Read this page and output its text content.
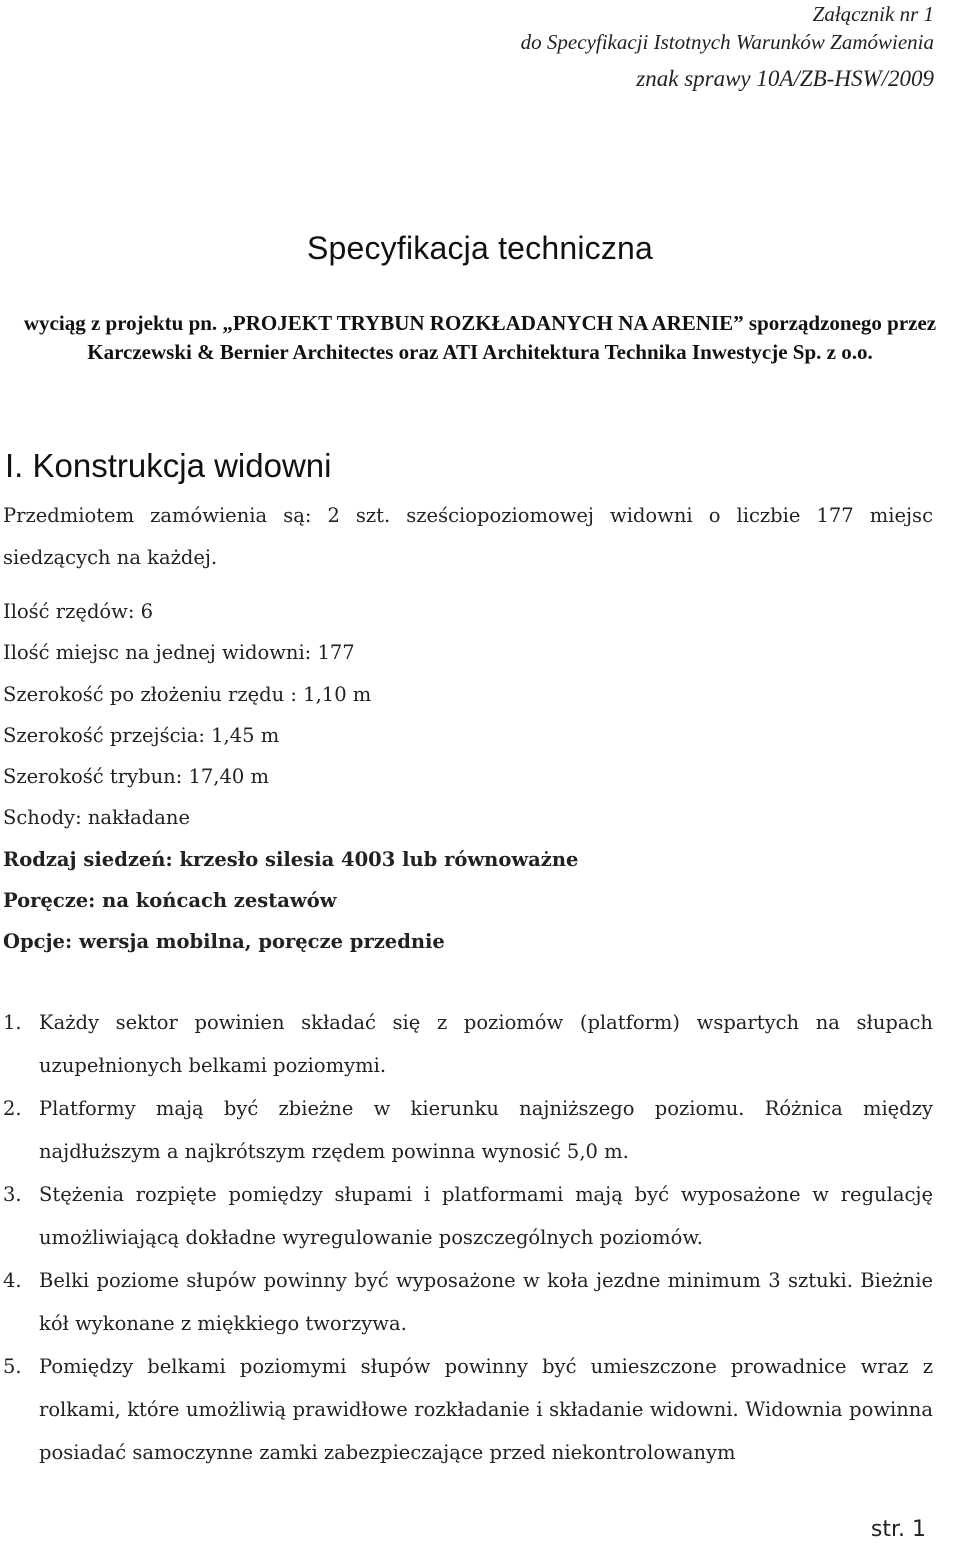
Załącznik nr 1
do Specyfikacji Istotnych Warunków Zamówienia
znak sprawy 10A/ZB-HSW/2009
Specyfikacja techniczna
wyciąg z projektu pn. „PROJEKT TRYBUN ROZKŁADANYCH NA ARENIE” sporządzonego przez
Karczewski & Bernier Architectes oraz ATI Architektura Technika Inwestycje Sp. z o.o.
I. Konstrukcja widowni
Przedmiotem zamówienia są: 2 szt. sześciopoziomowej widowni o liczbie 177 miejsc siedzących na każdej.
Ilość rzędów: 6
Ilość miejsc na jednej widowni: 177
Szerokość po złożeniu rzędu : 1,10 m
Szerokość przejścia: 1,45 m
Szerokość trybun: 17,40 m
Schody: nakładane
Rodzaj siedzeń: krzesło silesia 4003 lub równoważne
Poręcze: na końcach zestawów
Opcje: wersja mobilna, poręcze przednie
1. Każdy sektor powinien składać się z poziomów (platform) wspartych na słupach uzupełnionych belkami poziomymi.
2. Platformy mają być zbieżne w kierunku najniższego poziomu. Różnica między najdłuższym a najkrótszym rzędem powinna wynosić 5,0 m.
3. Stężenia rozpięte pomiędzy słupami i platformami mają być wyposażone w regulację umożliwiającą dokładne wyregulowanie poszczególnych poziomów.
4. Belki poziome słupów powinny być wyposażone w koła jezdne minimum 3 sztuki. Bieżnie kół wykonane z miękkiego tworzywa.
5. Pomiędzy belkami poziomymi słupów powinny być umieszczone prowadnice wraz z rolkami, które umożliwią prawidłowe rozkładanie i składanie widowni. Widownia powinna posiadać samoczynne zamki zabezpieczające przed niekontrolowanym
str. 1
